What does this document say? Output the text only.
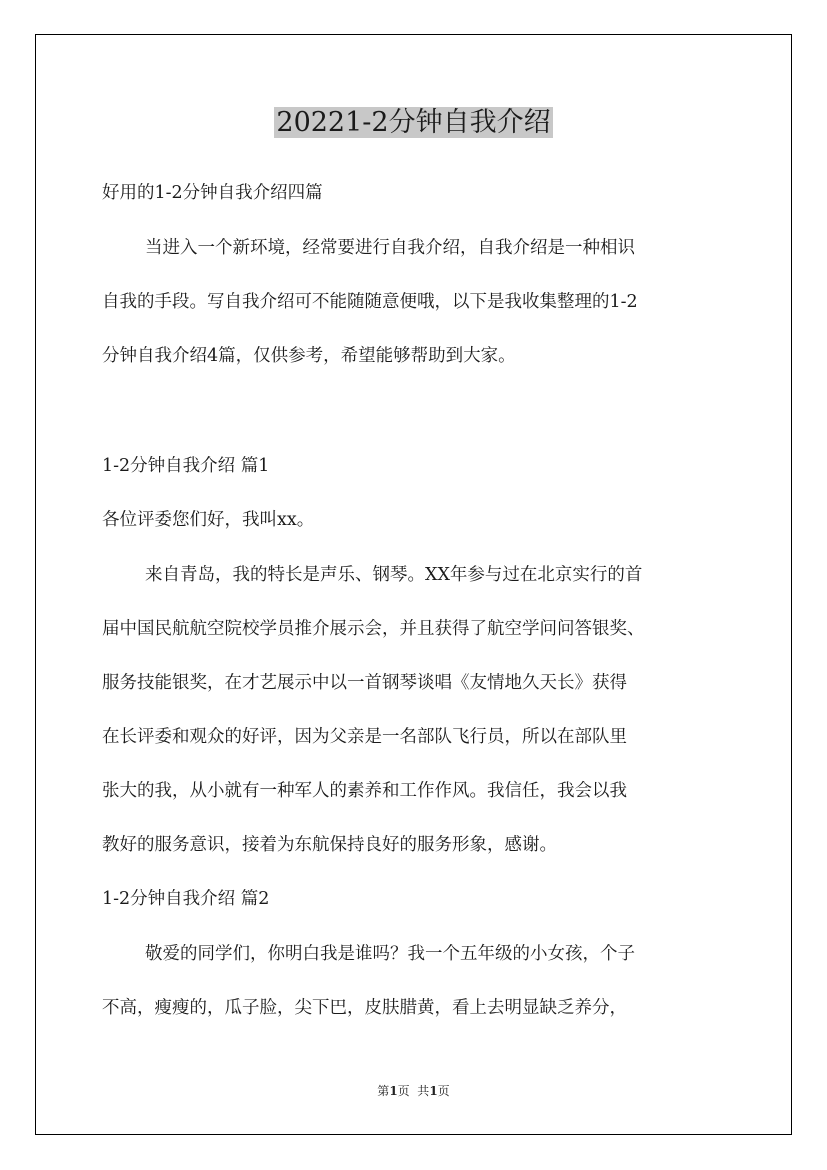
20221-2分钟自我介绍

好用的1-2分钟自我介绍四篇

当进入一个新环境，经常要进行自我介绍，自我介绍是一种相识

自我的手段。写自我介绍可不能随随意便哦，以下是我收集整理的1-2

分钟自我介绍4篇，仅供参考，希望能够帮助到大家。

1-2分钟自我介绍 篇1

各位评委您们好，我叫xx。

来自青岛，我的特长是声乐、钢琴。XX年参与过在北京实行的首

届中国民航航空院校学员推介展示会，并且获得了航空学问问答银奖、

服务技能银奖，在才艺展示中以一首钢琴谈唱《友情地久天长》获得

在长评委和观众的好评，因为父亲是一名部队飞行员，所以在部队里

张大的我，从小就有一种军人的素养和工作作风。我信任，我会以我

教好的服务意识，接着为东航保持良好的服务形象，感谢。

1-2分钟自我介绍 篇2

敬爱的同学们，你明白我是谁吗？我一个五年级的小女孩，个子

不高，瘦瘦的，瓜子脸，尖下巴，皮肤腊黄，看上去明显缺乏养分，

第1页  共1页
